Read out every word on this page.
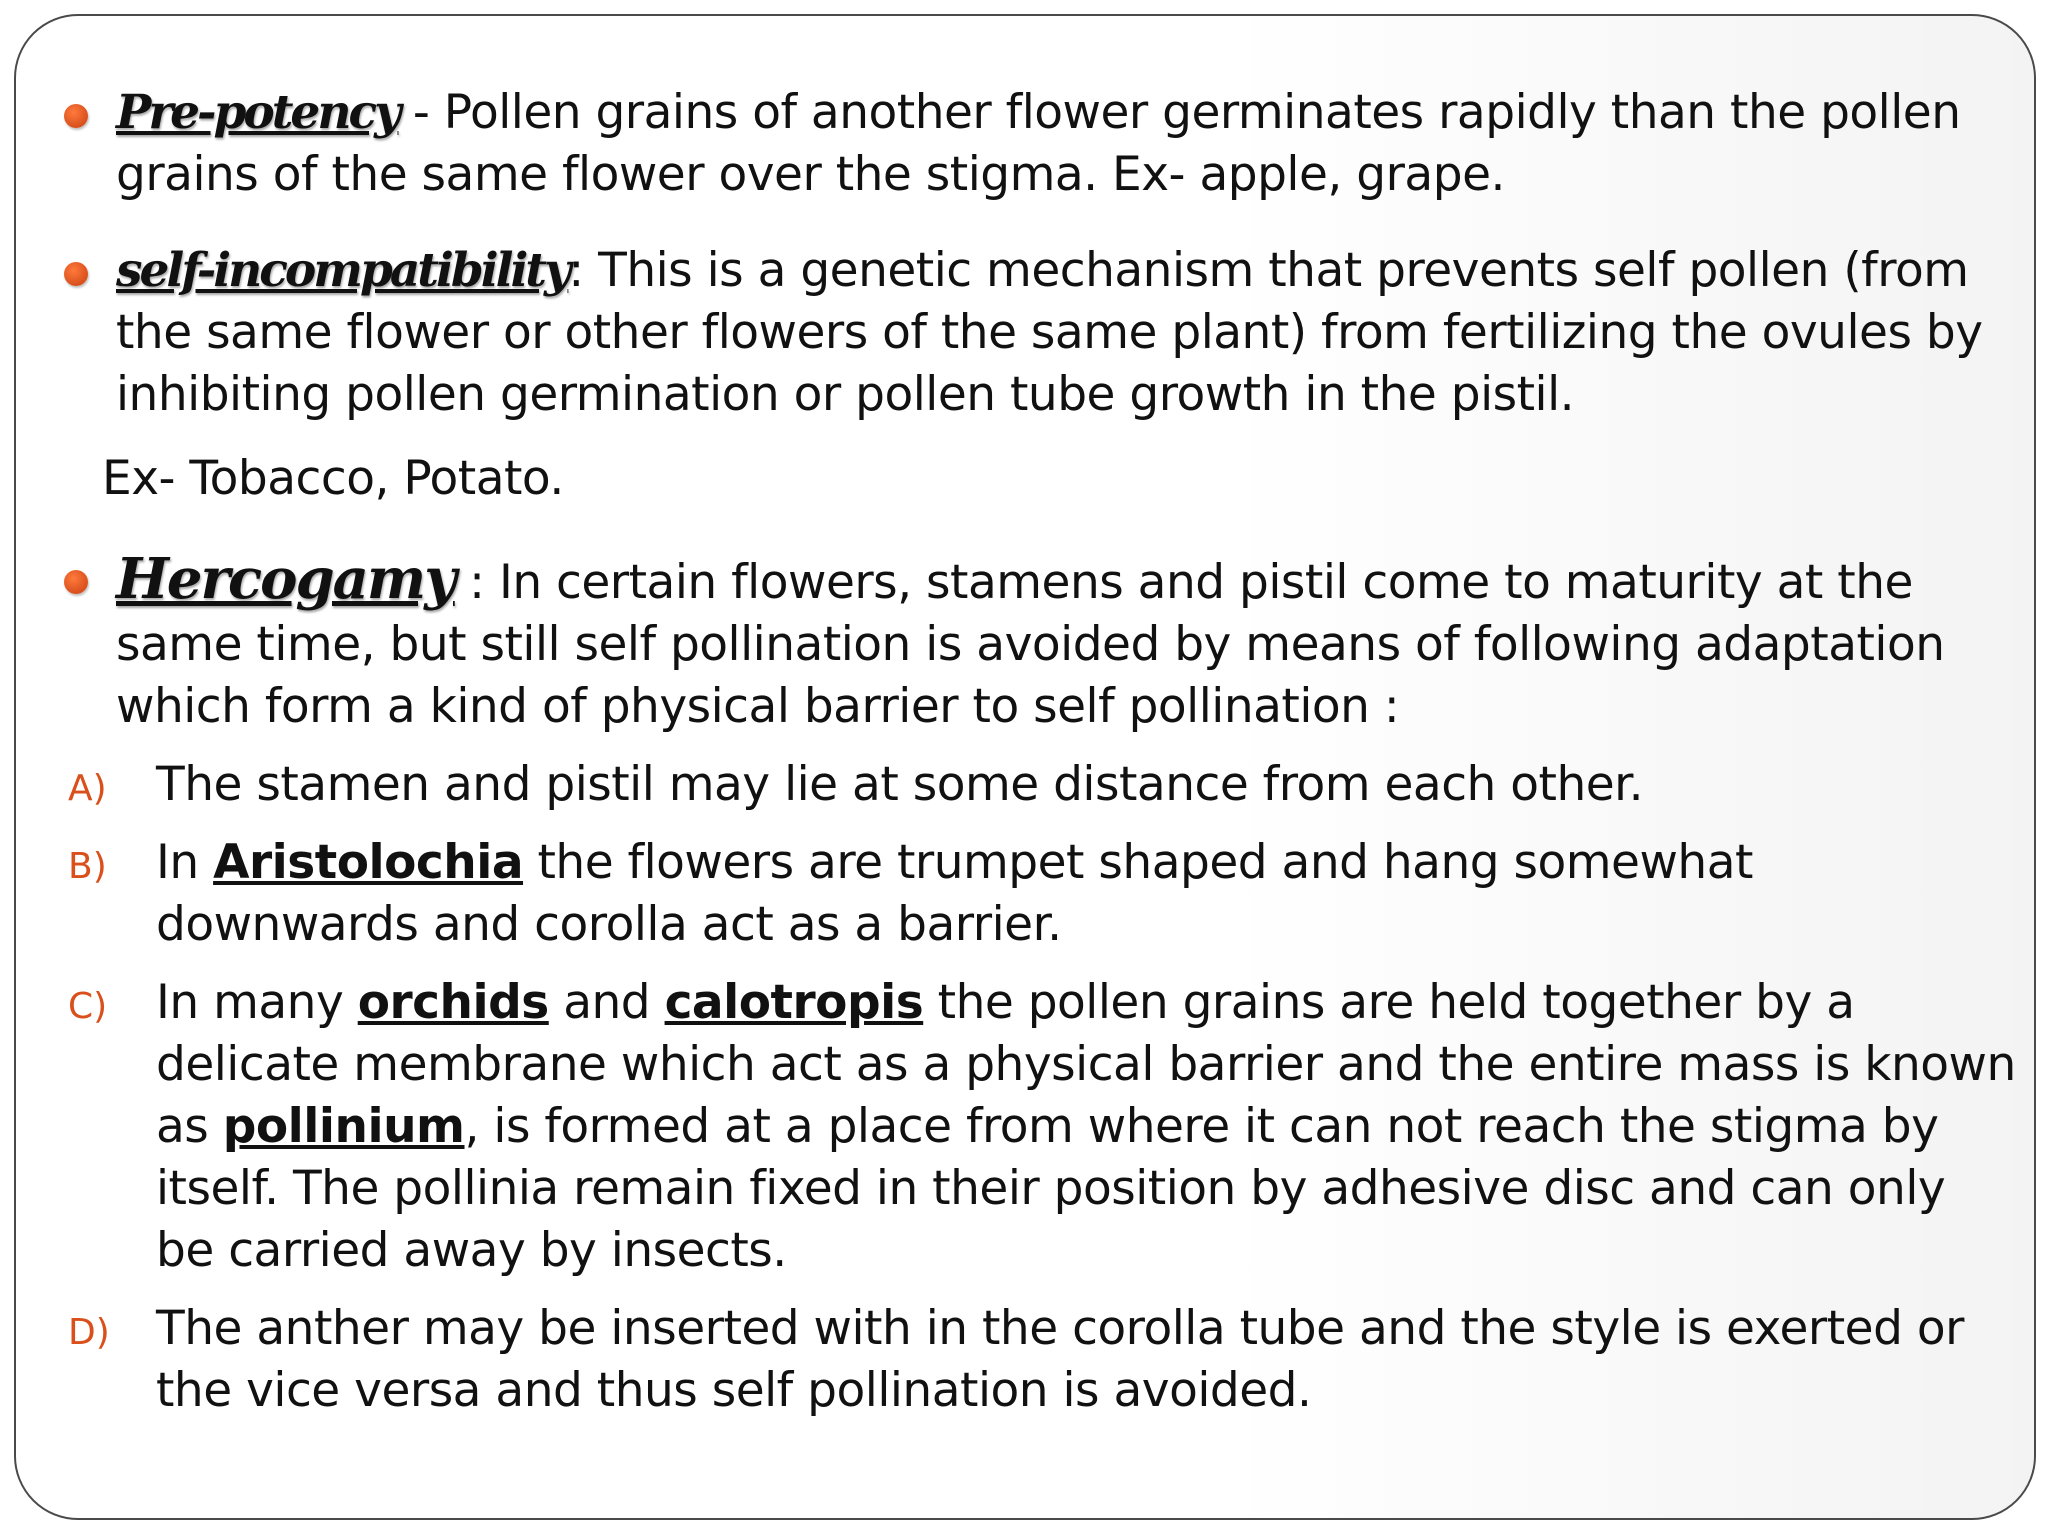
Pre-potency - Pollen grains of another flower germinates rapidly than the pollen grains of the same flower over the stigma. Ex- apple, grape.
self-incompatibility: This is a genetic mechanism that prevents self pollen (from the same flower or other flowers of the same plant) from fertilizing the ovules by inhibiting pollen germination or pollen tube growth in the pistil.
Ex- Tobacco, Potato.
Hercogamy : In certain flowers, stamens and pistil come to maturity at the same time, but still self pollination is avoided by means of following adaptation which form a kind of physical barrier to self pollination :
A) The stamen and pistil may lie at some distance from each other.
B) In Aristolochia the flowers are trumpet shaped and hang somewhat downwards and corolla act as a barrier.
C) In many orchids and calotropis the pollen grains are held together by a delicate membrane which act as a physical barrier and the entire mass is known as pollinium, is formed at a place from where it can not reach the stigma by itself. The pollinia remain fixed in their position by adhesive disc and can only be carried away by insects.
D) The anther may be inserted with in the corolla tube and the style is exerted or the vice versa and thus self pollination is avoided.
